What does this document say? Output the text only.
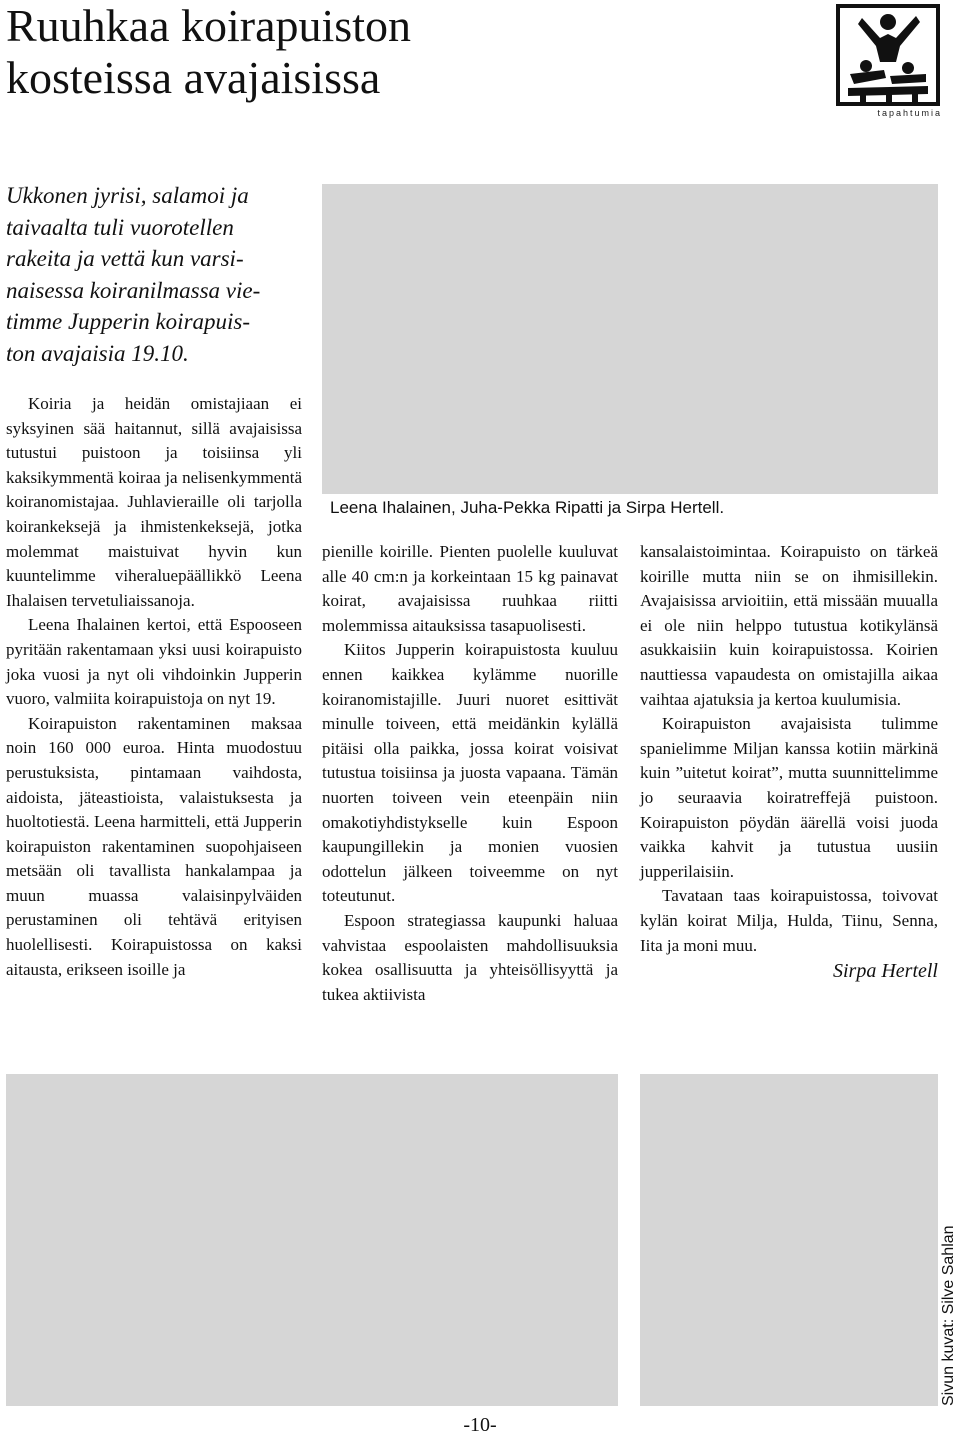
Ruuhkaa koirapuiston
kosteissa avajaisissa
tapahtumia
Ukkonen jyrisi, salamoi ja
taivaalta tuli vuorotellen
rakeita ja vettä kun varsi-
naisessa koiranilmassa vie-
timme Jupperin koirapuis-
ton avajaisia 19.10.

Koiria ja heidän omistajiaan ei syksyinen sää haitannut, sillä avajaisissa tutustui puistoon ja toisiinsa yli kaksikymmentä koiraa ja nelisenkymmentä koiranomistajaa. Juhlavieraille oli tarjolla koirankeksejä ja ihmistenkeksejä, jotka molemmat maistuivat hyvin kun kuuntelimme viheraluepäällikkö Leena Ihalaisen tervetuliaissanoja.

Leena Ihalainen kertoi, että Espooseen pyritään rakentamaan yksi uusi koirapuisto joka vuosi ja nyt oli vihdoinkin Jupperin vuoro, valmiita koirapuistoja on nyt 19.

Koirapuiston rakentaminen maksaa noin 160 000 euroa. Hinta muodostuu perustuksista, pintamaan vaihdosta, aidoista, jäteastioista, valaistuksesta ja huoltotiestä. Leena harmitteli, että Jupperin koirapuiston rakentaminen suopohjaiseen metsään oli tavallista hankalampaa ja muun muassa valaisinpylväiden perustaminen oli tehtävä erityisen huolellisesti. Koirapuistossa on kaksi aitausta, erikseen isoille ja

Leena Ihalainen, Juha-Pekka Ripatti ja Sirpa Hertell.

pienille koirille. Pienten puolelle kuuluvat alle 40 cm:n ja korkeintaan 15 kg painavat koirat, avajaisissa ruuhkaa riitti molemmissa aitauksissa tasapuolisesti.

Kiitos Jupperin koirapuistosta kuuluu ennen kaikkea kylämme nuorille koiranomistajille. Juuri nuoret esittivät minulle toiveen, että meidänkin kylällä pitäisi olla paikka, jossa koirat voisivat tutustua toisiinsa ja juosta vapaana. Tämän nuorten toiveen vein eteenpäin niin omakotiyhdistykselle kuin Espoon kaupungillekin ja monien vuosien odottelun jälkeen toiveemme on nyt toteutunut.

Espoon strategiassa kaupunki haluaa vahvistaa espoolaisten mahdollisuuksia kokea osallisuutta ja yhteisöllisyyttä ja tukea aktiivista

kansalaistoimintaa. Koirapuisto on tärkeä koirille mutta niin se on ihmisillekin. Avajaisissa arvioitiin, että missään muualla ei ole niin helppo tutustua kotikylänsä asukkaisiin kuin koirapuistossa. Koirien nauttiessa vapaudesta on omistajilla aikaa vaihtaa ajatuksia ja kertoa kuulumisia.

Koirapuiston avajaisista tulimme spanielimme Miljan kanssa kotiin märkinä kuin ”uitetut koirat”, mutta suunnittelimme jo seuraavia koiratreffejä puistoon. Koirapuiston pöydän äärellä voisi juoda vaikka kahvit ja tutustua uusiin jupperilaisiin.

Tavataan taas koirapuistossa, toivovat kylän koirat Milja, Hulda, Tiinu, Senna, Iita ja moni muu.

Sirpa Hertell
Sivun kuvat: Silve Sahlan
-10-
